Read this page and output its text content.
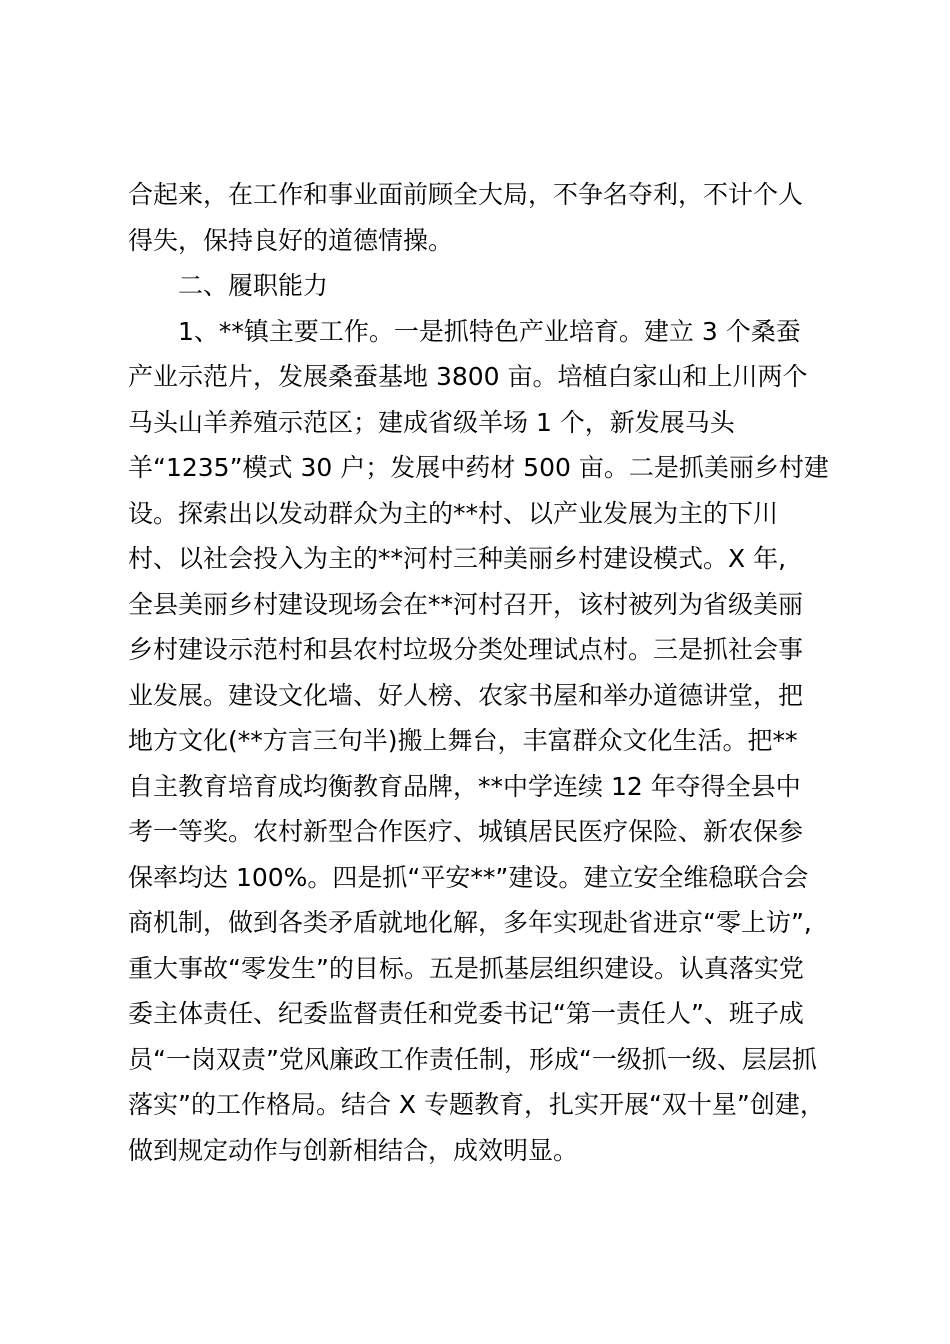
合起来，在工作和事业面前顾全大局，不争名夺利，不计个人
得失，保持良好的道德情操。
二、履职能力
1、**镇主要工作。一是抓特色产业培育。建立 3 个桑蚕
产业示范片，发展桑蚕基地 3800 亩。培植白家山和上川两个
马头山羊养殖示范区；建成省级羊场 1 个，新发展马头
羊“1235”模式 30 户；发展中药材 500 亩。二是抓美丽乡村建
设。探索出以发动群众为主的**村、以产业发展为主的下川
村、以社会投入为主的**河村三种美丽乡村建设模式。X 年,
全县美丽乡村建设现场会在**河村召开，该村被列为省级美丽
乡村建设示范村和县农村垃圾分类处理试点村。三是抓社会事
业发展。建设文化墙、好人榜、农家书屋和举办道德讲堂，把
地方文化(**方言三句半)搬上舞台，丰富群众文化生活。把**
自主教育培育成均衡教育品牌，**中学连续 12 年夺得全县中
考一等奖。农村新型合作医疗、城镇居民医疗保险、新农保参
保率均达 100%。四是抓“平安**”建设。建立安全维稳联合会
商机制，做到各类矛盾就地化解，多年实现赴省进京“零上访”,
重大事故“零发生”的目标。五是抓基层组织建设。认真落实党
委主体责任、纪委监督责任和党委书记“第一责任人”、班子成
员“一岗双责”党风廉政工作责任制，形成“一级抓一级、层层抓
落实”的工作格局。结合 X 专题教育，扎实开展“双十星”创建，
做到规定动作与创新相结合，成效明显。
